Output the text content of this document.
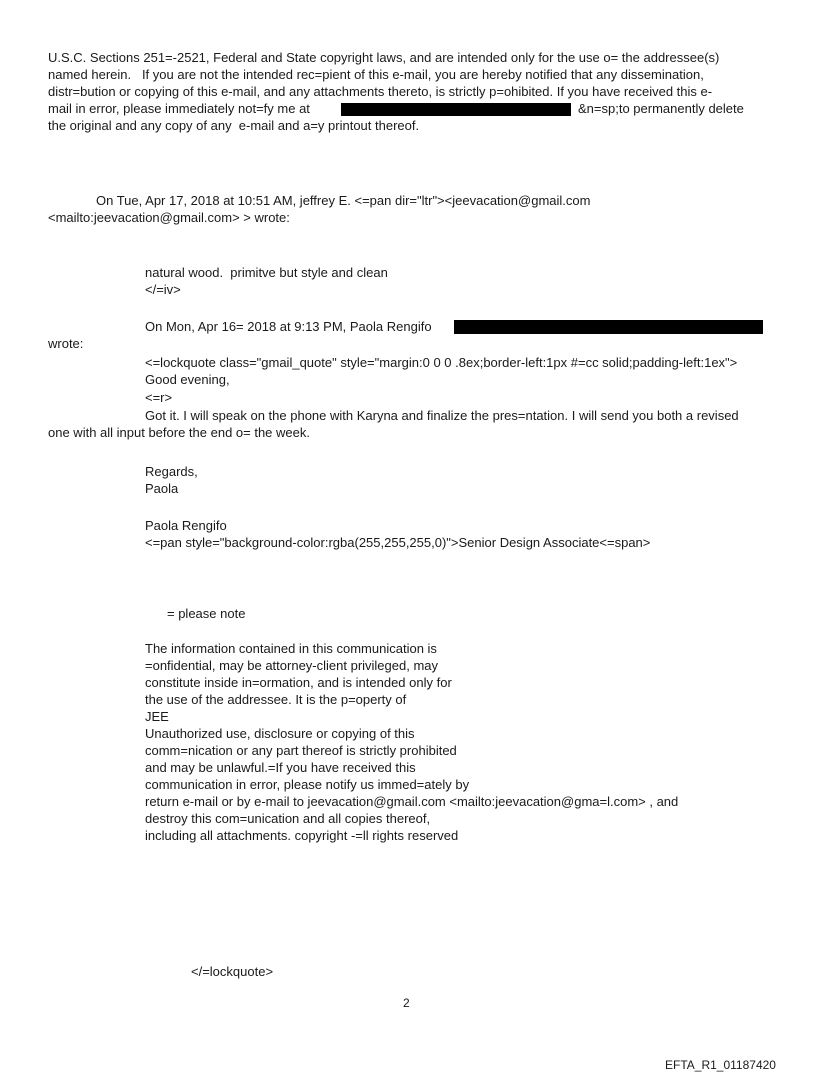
U.S.C. Sections 251=-2521, Federal and State copyright laws, and are intended only for the use o= the addressee(s)
named herein.   If you are not the intended rec=pient of this e-mail, you are hereby notified that any dissemination,
distr=bution or copying of this e-mail, and any attachments thereto, is strictly p=ohibited. If you have received this e-
mail in error, please immediately not=fy me at	&n=sp;to permanently delete
the original and any copy of any  e-mail and a=y printout thereof.
On Tue, Apr 17, 2018 at 10:51 AM, jeffrey E. <=pan dir="ltr"><jeevacation@gmail.com
<mailto:jeevacation@gmail.com> > wrote:
natural wood.  primitve but style and clean
</=iv>
On Mon, Apr 16= 2018 at 9:13 PM, Paola Rengifo
wrote:
<=lockquote class="gmail_quote" style="margin:0 0 0 .8ex;border-left:1px #=cc solid;padding-left:1ex">
Good evening,
<=r>
Got it. I will speak on the phone with Karyna and finalize the pres=ntation. I will send you both a revised
one with all input before the end o= the week.
Regards,
Paola
Paola Rengifo
<=pan style="background-color:rgba(255,255,255,0)">Senior Design Associate<=span>
= please note
The information contained in this communication is
=onfidential, may be attorney-client privileged, may
constitute inside in=ormation, and is intended only for
the use of the addressee. It is the p=operty of
JEE
Unauthorized use, disclosure or copying of this
comm=nication or any part thereof is strictly prohibited
and may be unlawful.=If you have received this
communication in error, please notify us immed=ately by
return e-mail or by e-mail to jeevacation@gmail.com <mailto:jeevacation@gma=l.com> , and
destroy this com=unication and all copies thereof,
including all attachments. copyright -=ll rights reserved
</=lockquote>
2
EFTA_R1_01187420
